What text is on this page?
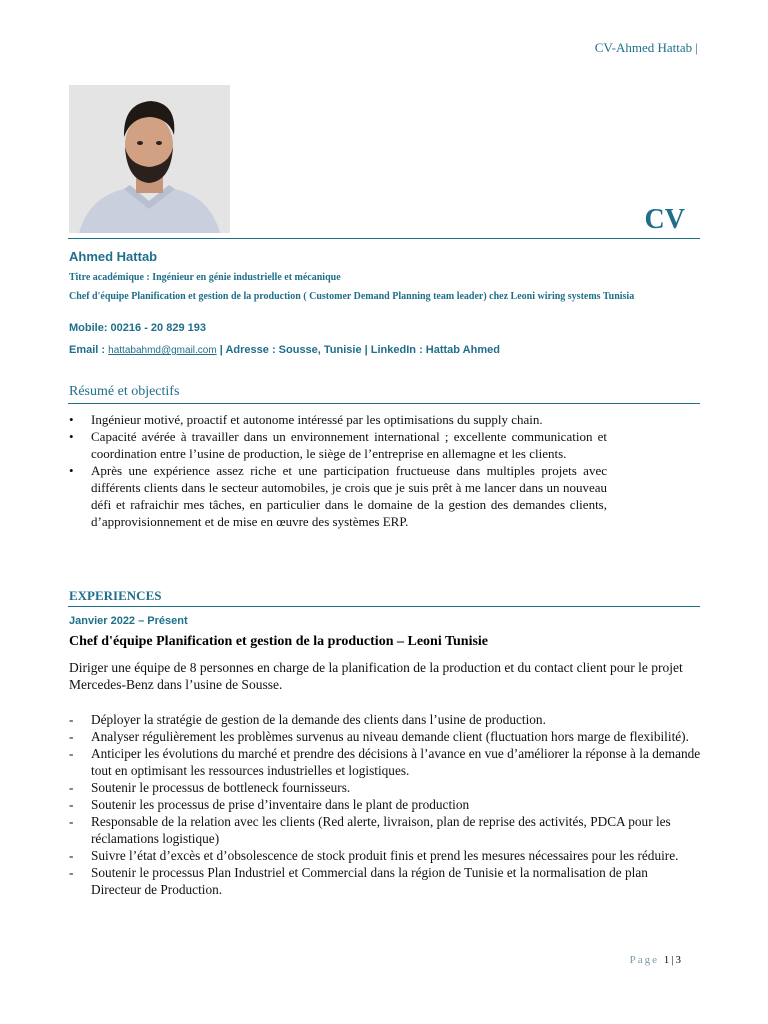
CV-Ahmed Hattab |
CV
Ahmed Hattab
Titre académique : Ingénieur en génie industrielle et mécanique
Chef d'équipe Planification et gestion de la production ( Customer Demand Planning team leader) chez Leoni wiring systems Tunisia
Mobile: 00216 - 20 829 193
Email : hattabahmd@gmail.com | Adresse : Sousse, Tunisie | LinkedIn : Hattab Ahmed
Résumé et objectifs
• Ingénieur motivé, proactif et autonome intéressé par les optimisations du supply chain.
• Capacité avérée à travailler dans un environnement international ; excellente communication et coordination entre l’usine de production, le siège de l’entreprise en allemagne et les clients.
• Après une expérience assez riche et une participation fructueuse dans multiples projets avec différents clients dans le secteur automobiles, je crois que je suis prêt à me lancer dans un nouveau défi et rafraichir mes tâches, en particulier dans le domaine de la gestion des demandes clients, d’approvisionnement et de mise en œuvre des systèmes ERP.
EXPERIENCES
Janvier 2022 – Présent
Chef d'équipe Planification et gestion de la production – Leoni Tunisie
Diriger une équipe de 8 personnes en charge de la planification de la production et du contact client pour le projet Mercedes-Benz dans l’usine de Sousse.
- Déployer la stratégie de gestion de la demande des clients dans l’usine de production.
- Analyser régulièrement les problèmes survenus au niveau demande client (fluctuation hors marge de flexibilité).
- Anticiper les évolutions du marché et prendre des décisions à l’avance en vue d’améliorer la réponse à la demande tout en optimisant les ressources industrielles et logistiques.
- Soutenir le processus de bottleneck fournisseurs.
- Soutenir les processus de prise d’inventaire dans le plant de production
- Responsable de la relation avec les clients (Red alerte, livraison, plan de reprise des activités, PDCA pour les réclamations logistique)
- Suivre l’état d’excès et d’obsolescence de stock produit finis et prend les mesures nécessaires pour les réduire.
- Soutenir le processus Plan Industriel et Commercial dans la région de Tunisie et la normalisation de plan Directeur de Production.
Page 1|3
